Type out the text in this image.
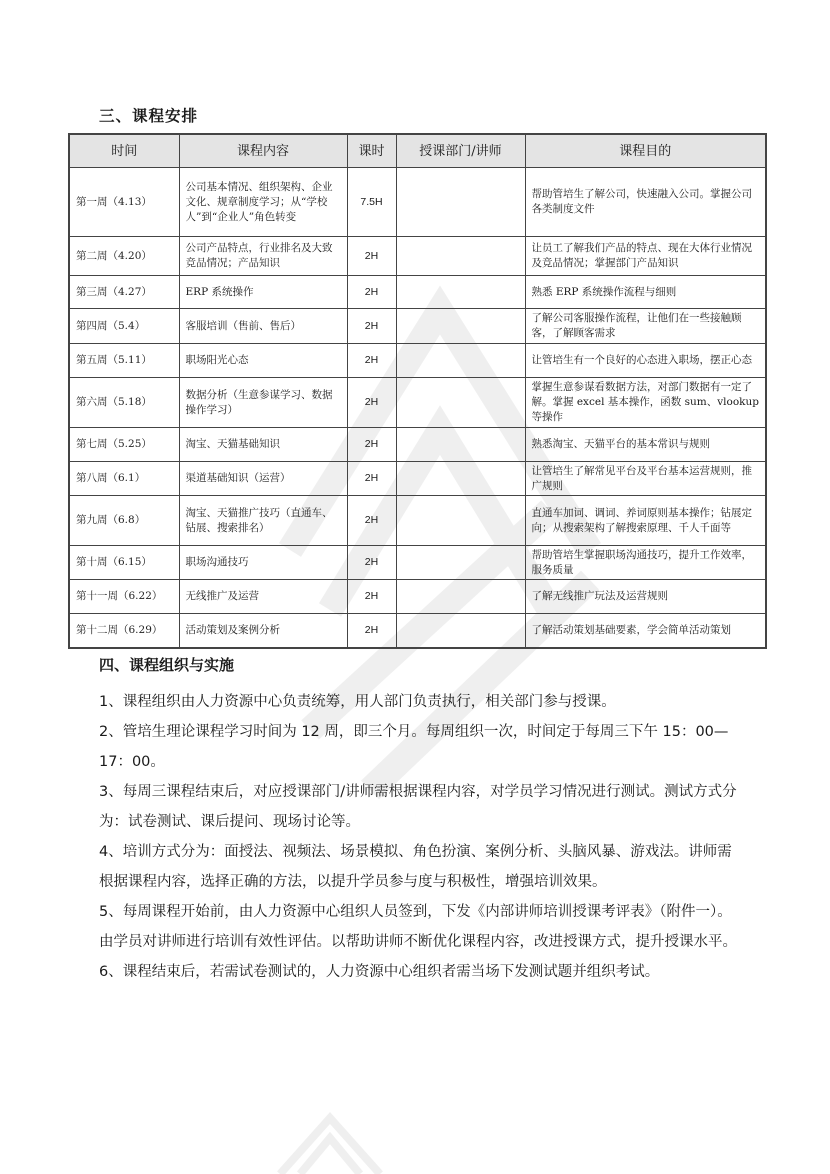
三、课程安排
时间	课程内容	课时	授课部门/讲师	课程目的
第一周（4.13）	公司基本情况、组织架构、企业文化、规章制度学习；从“学校人”到“企业人”角色转变	7.5H		帮助管培生了解公司，快速融入公司。掌握公司各类制度文件
第二周（4.20）	公司产品特点，行业排名及大致竞品情况；产品知识	2H		让员工了解我们产品的特点、现在大体行业情况及竞品情况；掌握部门产品知识
第三周（4.27）	ERP 系统操作	2H		熟悉 ERP 系统操作流程与细则
第四周（5.4）	客服培训（售前、售后）	2H		了解公司客服操作流程，让他们在一些接触顾客，了解顾客需求
第五周（5.11）	职场阳光心态	2H		让管培生有一个良好的心态进入职场，摆正心态
第六周（5.18）	数据分析（生意参谋学习、数据操作学习）	2H		掌握生意参谋看数据方法，对部门数据有一定了解。掌握 excel 基本操作，函数 sum、vlookup 等操作
第七周（5.25）	淘宝、天猫基础知识	2H		熟悉淘宝、天猫平台的基本常识与规则
第八周（6.1）	渠道基础知识（运营）	2H		让管培生了解常见平台及平台基本运营规则，推广规则
第九周（6.8）	淘宝、天猫推广技巧（直通车、钻展、搜索排名）	2H		直通车加词、调词、养词原则基本操作；钻展定向；从搜索架构了解搜索原理、千人千面等
第十周（6.15）	职场沟通技巧	2H		帮助管培生掌握职场沟通技巧，提升工作效率， 服务质量
第十一周（6.22）	无线推广及运营	2H		了解无线推广玩法及运营规则
第十二周（6.29）	活动策划及案例分析	2H		了解活动策划基础要素，学会简单活动策划
四、课程组织与实施

1、课程组织由人力资源中心负责统筹，用人部门负责执行，相关部门参与授课。

2、管培生理论课程学习时间为 12 周，即三个月。每周组织一次，时间定于每周三下午 15：00—17：00。

3、每周三课程结束后，对应授课部门/讲师需根据课程内容，对学员学习情况进行测试。测试方式分为：试卷测试、课后提问、现场讨论等。

4、培训方式分为：面授法、视频法、场景模拟、角色扮演、案例分析、头脑风暴、游戏法。讲师需根据课程内容，选择正确的方法，以提升学员参与度与积极性，增强培训效果。

5、每周课程开始前，由人力资源中心组织人员签到，下发《内部讲师培训授课考评表》（附件一）。由学员对讲师进行培训有效性评估。以帮助讲师不断优化课程内容，改进授课方式，提升授课水平。

6、课程结束后，若需试卷测试的，人力资源中心组织者需当场下发测试题并组织考试。
